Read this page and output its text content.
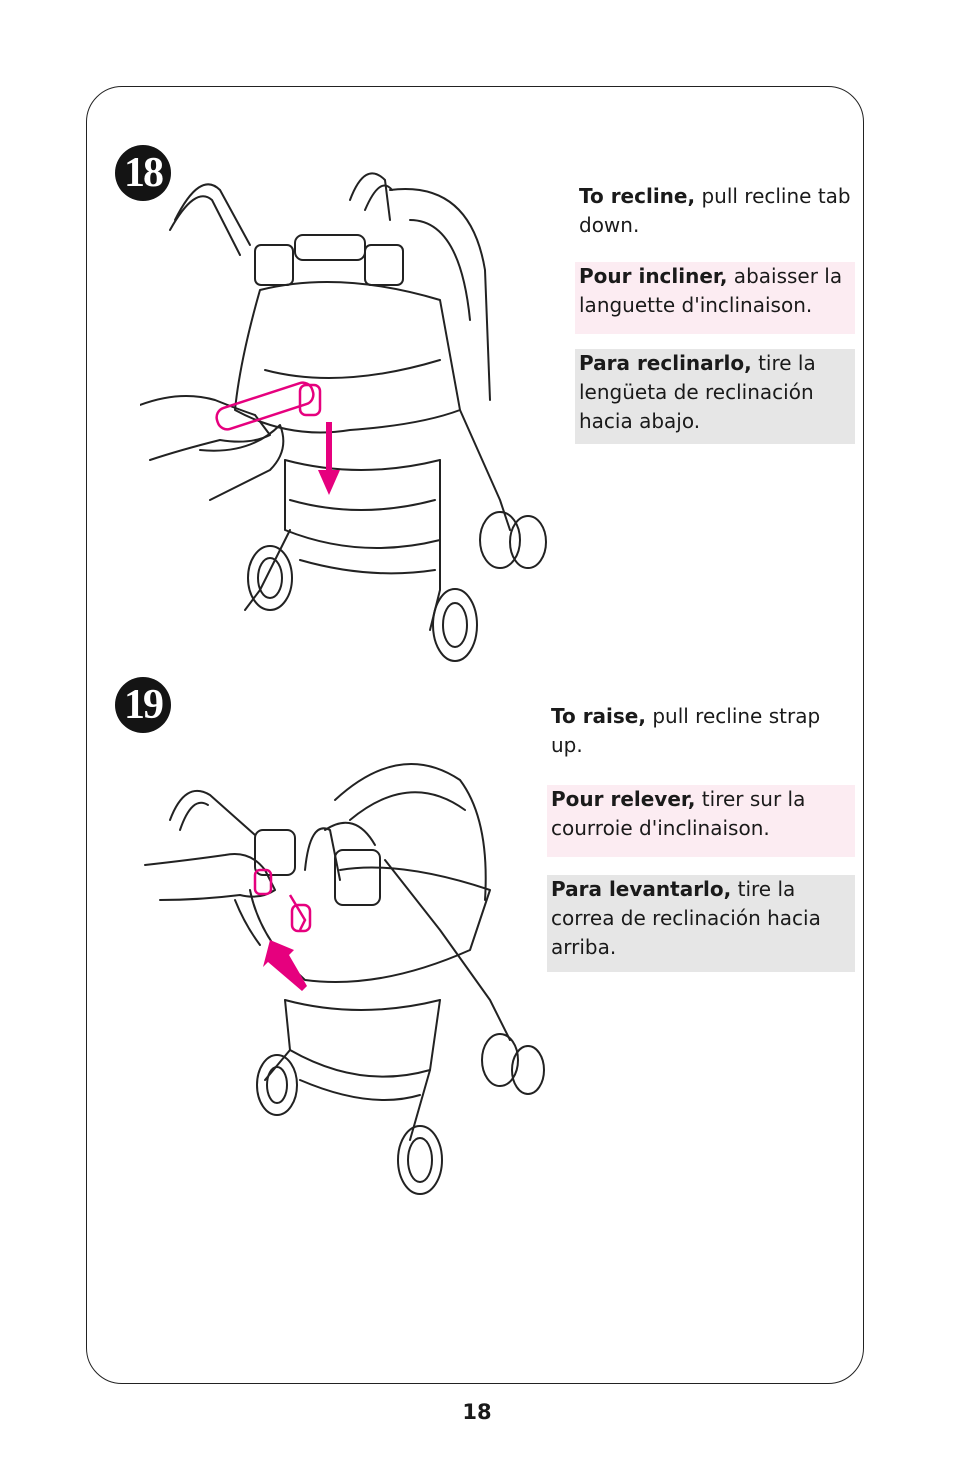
18	To recline, pull recline tab down.
Pour incliner, abaisser la languette d'inclinaison.
Para reclinarlo, tire la lengüeta de reclinación hacia abajo.
19	To raise, pull recline strap up.
Pour relever, tirer sur la courroie d'inclinaison.
Para levantarlo, tire la correa de reclinación hacia arriba.
18
